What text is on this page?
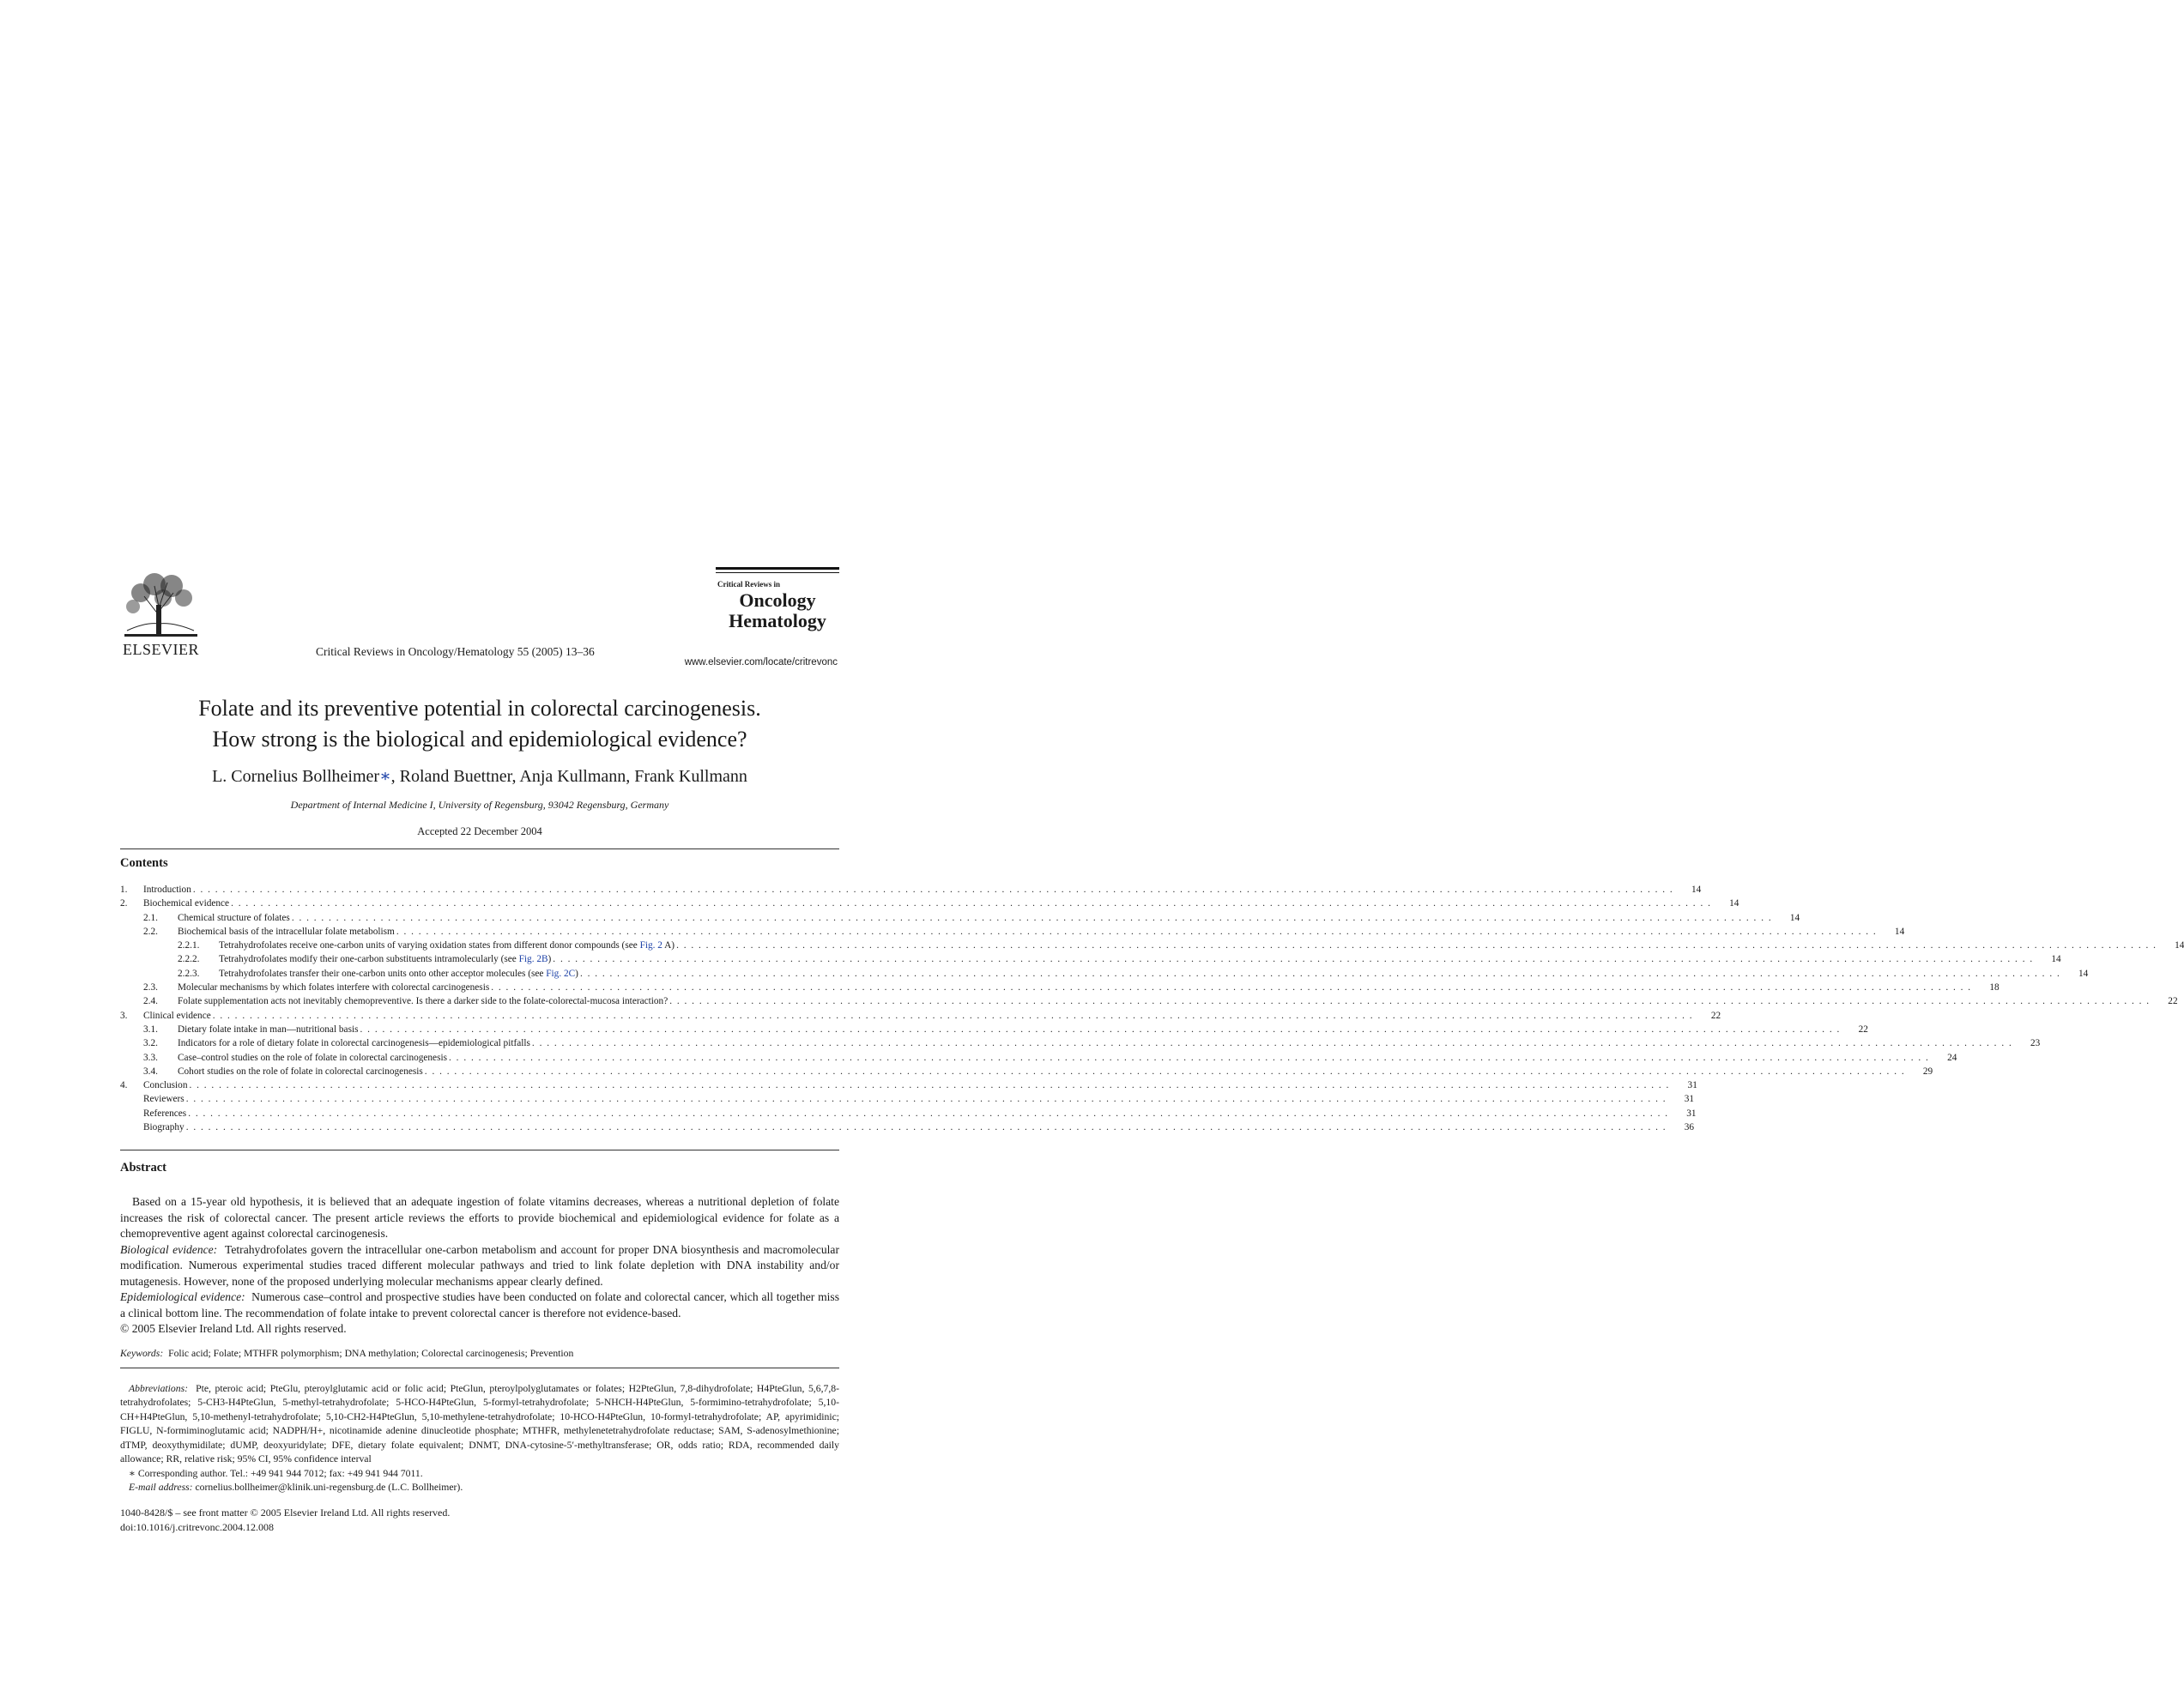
ELSEVIER	Critical Reviews in Oncology/Hematology 55 (2005) 13–36
Critical Reviews in
Oncology
Hematology
www.elsevier.com/locate/critrevonc
Folate and its preventive potential in colorectal carcinogenesis.
How strong is the biological and epidemiological evidence?
L. Cornelius Bollheimer∗, Roland Buettner, Anja Kullmann, Frank Kullmann
Department of Internal Medicine I, University of Regensburg, 93042 Regensburg, Germany
Accepted 22 December 2004
Contents
1.	Introduction . . . . . . . . . . . . . . . . . . . . . . . . . . . . . . . . . . . . . . . . . . . . . . . . . . . . . . . . . . . . . . . . . . . . . . . . . . . . . . . . . . . . . . . . . . . . . . . . . . . . . . . . . . . . . . . . . . . . . . . . . . . . . . . . . . . . . . . . . . . . . . . . . . . . . . . . . . . . . . . . . . . . . . . . . . . . . . . . . . . . . . . . . . . . . . . . . . . . . . . .	14
2.	Biochemical evidence . . . . . . . . . . . . . . . . . . . . . . . . . . . . . . . . . . . . . . . . . . . . . . . . . . . . . . . . . . . . . . . . . . . . . . . . . . . . . . . . . . . . . . . . . . . . . . . . . . . . . . . . . . . . . . . . . . . . . . . . . . . . . . . . . . . . . . . . . . . . . . . . . . . . . . . . . . . . . . . . . . . . . . . . . . . . . . . . . . . . . . . . . . . . . . . . . . . . . . . .	14
2.1.	Chemical structure of folates . . . . . . . . . . . . . . . . . . . . . . . . . . . . . . . . . . . . . . . . . . . . . . . . . . . . . . . . . . . . . . . . . . . . . . . . . . . . . . . . . . . . . . . . . . . . . . . . . . . . . . . . . . . . . . . . . . . . . . . . . . . . . . . . . . . . . . . . . . . . . . . . . . . . . . . . . . . . . . . . . . . . . . . . . . . . . . . . . . . . . . . . . . . . . . . . . . . . . . . .	14
2.2.	Biochemical basis of the intracellular folate metabolism . . . . . . . . . . . . . . . . . . . . . . . . . . . . . . . . . . . . . . . . . . . . . . . . . . . . . . . . . . . . . . . . . . . . . . . . . . . . . . . . . . . . . . . . . . . . . . . . . . . . . . . . . . . . . . . . . . . . . . . . . . . . . . . . . . . . . . . . . . . . . . . . . . . . . . . . . . . . . . . . . . . . . . . . . . . . . . . . . . . . . . . . . . . . . . . . . . . . . . . .	14
2.2.1.	Tetrahydrofolates receive one-carbon units of varying oxidation states from different donor compounds (see Fig. 2 A) . . . . . . . . . . . . . . . . . . . . . . . . . . . . . . . . . . . . . . . . . . . . . . . . . . . . . . . . . . . . . . . . . . . . . . . . . . . . . . . . . . . . . . . . . . . . . . . . . . . . . . . . . . . . . . . . . . . . . . . . . . . . . . . . . . . . . . . . . . . . . . . . . . . . . . . . . . . . . . . . . . . . . . . . . . . . . . . . . . . . . . . . . . . . . . . . . . . . . . . .	14
2.2.2.	Tetrahydrofolates modify their one-carbon substituents intramolecularly (see Fig. 2B) . . . . . . . . . . . . . . . . . . . . . . . . . . . . . . . . . . . . . . . . . . . . . . . . . . . . . . . . . . . . . . . . . . . . . . . . . . . . . . . . . . . . . . . . . . . . . . . . . . . . . . . . . . . . . . . . . . . . . . . . . . . . . . . . . . . . . . . . . . . . . . . . . . . . . . . . . . . . . . . . . . . . . . . . . . . . . . . . . . . . . . . . . . . . . . . . . . . . . . . .	14
2.2.3.	Tetrahydrofolates transfer their one-carbon units onto other acceptor molecules (see Fig. 2C) . . . . . . . . . . . . . . . . . . . . . . . . . . . . . . . . . . . . . . . . . . . . . . . . . . . . . . . . . . . . . . . . . . . . . . . . . . . . . . . . . . . . . . . . . . . . . . . . . . . . . . . . . . . . . . . . . . . . . . . . . . . . . . . . . . . . . . . . . . . . . . . . . . . . . . . . . . . . . . . . . . . . . . . . . . . . . . . . . . . . . . . . . . . . . . . . . . . . . . . .	14
2.3.	Molecular mechanisms by which folates interfere with colorectal carcinogenesis . . . . . . . . . . . . . . . . . . . . . . . . . . . . . . . . . . . . . . . . . . . . . . . . . . . . . . . . . . . . . . . . . . . . . . . . . . . . . . . . . . . . . . . . . . . . . . . . . . . . . . . . . . . . . . . . . . . . . . . . . . . . . . . . . . . . . . . . . . . . . . . . . . . . . . . . . . . . . . . . . . . . . . . . . . . . . . . . . . . . . . . . . . . . . . . . . . . . . . . .	18
2.4.	Folate supplementation acts not inevitably chemopreventive. Is there a darker side to the folate-colorectal-mucosa interaction? . . . . . . . . . . . . . . . . . . . . . . . . . . . . . . . . . . . . . . . . . . . . . . . . . . . . . . . . . . . . . . . . . . . . . . . . . . . . . . . . . . . . . . . . . . . . . . . . . . . . . . . . . . . . . . . . . . . . . . . . . . . . . . . . . . . . . . . . . . . . . . . . . . . . . . . . . . . . . . . . . . . . . . . . . . . . . . . . . . . . . . . . . . . . . . . . . . . . . . . .	22
3.	Clinical evidence . . . . . . . . . . . . . . . . . . . . . . . . . . . . . . . . . . . . . . . . . . . . . . . . . . . . . . . . . . . . . . . . . . . . . . . . . . . . . . . . . . . . . . . . . . . . . . . . . . . . . . . . . . . . . . . . . . . . . . . . . . . . . . . . . . . . . . . . . . . . . . . . . . . . . . . . . . . . . . . . . . . . . . . . . . . . . . . . . . . . . . . . . . . . . . . . . . . . . . . .	22
3.1.	Dietary folate intake in man—nutritional basis . . . . . . . . . . . . . . . . . . . . . . . . . . . . . . . . . . . . . . . . . . . . . . . . . . . . . . . . . . . . . . . . . . . . . . . . . . . . . . . . . . . . . . . . . . . . . . . . . . . . . . . . . . . . . . . . . . . . . . . . . . . . . . . . . . . . . . . . . . . . . . . . . . . . . . . . . . . . . . . . . . . . . . . . . . . . . . . . . . . . . . . . . . . . . . . . . . . . . . . .	22
3.2.	Indicators for a role of dietary folate in colorectal carcinogenesis—epidemiological pitfalls . . . . . . . . . . . . . . . . . . . . . . . . . . . . . . . . . . . . . . . . . . . . . . . . . . . . . . . . . . . . . . . . . . . . . . . . . . . . . . . . . . . . . . . . . . . . . . . . . . . . . . . . . . . . . . . . . . . . . . . . . . . . . . . . . . . . . . . . . . . . . . . . . . . . . . . . . . . . . . . . . . . . . . . . . . . . . . . . . . . . . . . . . . . . . . . . . . . . . . . .	23
3.3.	Case–control studies on the role of folate in colorectal carcinogenesis . . . . . . . . . . . . . . . . . . . . . . . . . . . . . . . . . . . . . . . . . . . . . . . . . . . . . . . . . . . . . . . . . . . . . . . . . . . . . . . . . . . . . . . . . . . . . . . . . . . . . . . . . . . . . . . . . . . . . . . . . . . . . . . . . . . . . . . . . . . . . . . . . . . . . . . . . . . . . . . . . . . . . . . . . . . . . . . . . . . . . . . . . . . . . . . . . . . . . . . .	24
3.4.	Cohort studies on the role of folate in colorectal carcinogenesis . . . . . . . . . . . . . . . . . . . . . . . . . . . . . . . . . . . . . . . . . . . . . . . . . . . . . . . . . . . . . . . . . . . . . . . . . . . . . . . . . . . . . . . . . . . . . . . . . . . . . . . . . . . . . . . . . . . . . . . . . . . . . . . . . . . . . . . . . . . . . . . . . . . . . . . . . . . . . . . . . . . . . . . . . . . . . . . . . . . . . . . . . . . . . . . . . . . . . . . .	29
4.	Conclusion . . . . . . . . . . . . . . . . . . . . . . . . . . . . . . . . . . . . . . . . . . . . . . . . . . . . . . . . . . . . . . . . . . . . . . . . . . . . . . . . . . . . . . . . . . . . . . . . . . . . . . . . . . . . . . . . . . . . . . . . . . . . . . . . . . . . . . . . . . . . . . . . . . . . . . . . . . . . . . . . . . . . . . . . . . . . . . . . . . . . . . . . . . . . . . . . . . . . . . . .	31
Reviewers . . . . . . . . . . . . . . . . . . . . . . . . . . . . . . . . . . . . . . . . . . . . . . . . . . . . . . . . . . . . . . . . . . . . . . . . . . . . . . . . . . . . . . . . . . . . . . . . . . . . . . . . . . . . . . . . . . . . . . . . . . . . . . . . . . . . . . . . . . . . . . . . . . . . . . . . . . . . . . . . . . . . . . . . . . . . . . . . . . . . . . . . . . . . . . . . . . . . . . . .	31
References . . . . . . . . . . . . . . . . . . . . . . . . . . . . . . . . . . . . . . . . . . . . . . . . . . . . . . . . . . . . . . . . . . . . . . . . . . . . . . . . . . . . . . . . . . . . . . . . . . . . . . . . . . . . . . . . . . . . . . . . . . . . . . . . . . . . . . . . . . . . . . . . . . . . . . . . . . . . . . . . . . . . . . . . . . . . . . . . . . . . . . . . . . . . . . . . . . . . . . . .	31
Biography . . . . . . . . . . . . . . . . . . . . . . . . . . . . . . . . . . . . . . . . . . . . . . . . . . . . . . . . . . . . . . . . . . . . . . . . . . . . . . . . . . . . . . . . . . . . . . . . . . . . . . . . . . . . . . . . . . . . . . . . . . . . . . . . . . . . . . . . . . . . . . . . . . . . . . . . . . . . . . . . . . . . . . . . . . . . . . . . . . . . . . . . . . . . . . . . . . . . . . . .	36
Abstract

Based on a 15-year old hypothesis, it is believed that an adequate ingestion of folate vitamins decreases, whereas a nutritional depletion of folate increases the risk of colorectal cancer. The present article reviews the efforts to provide biochemical and epidemiological evidence for folate as a chemopreventive agent against colorectal carcinogenesis.

Biological evidence: Tetrahydrofolates govern the intracellular one-carbon metabolism and account for proper DNA biosynthesis and macromolecular modification. Numerous experimental studies traced different molecular pathways and tried to link folate depletion with DNA instability and/or mutagenesis. However, none of the proposed underlying molecular mechanisms appear clearly defined.

Epidemiological evidence: Numerous case–control and prospective studies have been conducted on folate and colorectal cancer, which all together miss a clinical bottom line. The recommendation of folate intake to prevent colorectal cancer is therefore not evidence-based.

© 2005 Elsevier Ireland Ltd. All rights reserved.

Keywords: Folic acid; Folate; MTHFR polymorphism; DNA methylation; Colorectal carcinogenesis; Prevention

Abbreviations: Pte, pteroic acid; PteGlu, pteroylglutamic acid or folic acid; PteGlun, pteroylpolyglutamates or folates; H2PteGlun, 7,8-dihydrofolate; H4PteGlun, 5,6,7,8-tetrahydrofolates; 5-CH3-H4PteGlun, 5-methyl-tetrahydrofolate; 5-HCO-H4PteGlun, 5-formyl-tetrahydrofolate; 5-NHCH-H4PteGlun, 5-formimino-tetrahydrofolate; 5,10-CH+H4PteGlun, 5,10-methenyl-tetrahydrofolate; 5,10-CH2-H4PteGlun, 5,10-methylene-tetrahydrofolate; 10-HCO-H4PteGlun, 10-formyl-tetrahydrofolate; AP, apyrimidinic; FIGLU, N-formiminoglutamic acid; NADPH/H+, nicotinamide adenine dinucleotide phosphate; MTHFR, methylenetetrahydrofolate reductase; SAM, S-adenosylmethionine; dTMP, deoxythymidilate; dUMP, deoxyuridylate; DFE, dietary folate equivalent; DNMT, DNA-cytosine-5′-methyltransferase; OR, odds ratio; RDA, recommended daily allowance; RR, relative risk; 95% CI, 95% confidence interval

∗ Corresponding author. Tel.: +49 941 944 7012; fax: +49 941 944 7011.

E-mail address: cornelius.bollheimer@klinik.uni-regensburg.de (L.C. Bollheimer).

1040-8428/$ – see front matter © 2005 Elsevier Ireland Ltd. All rights reserved.
doi:10.1016/j.critrevonc.2004.12.008
